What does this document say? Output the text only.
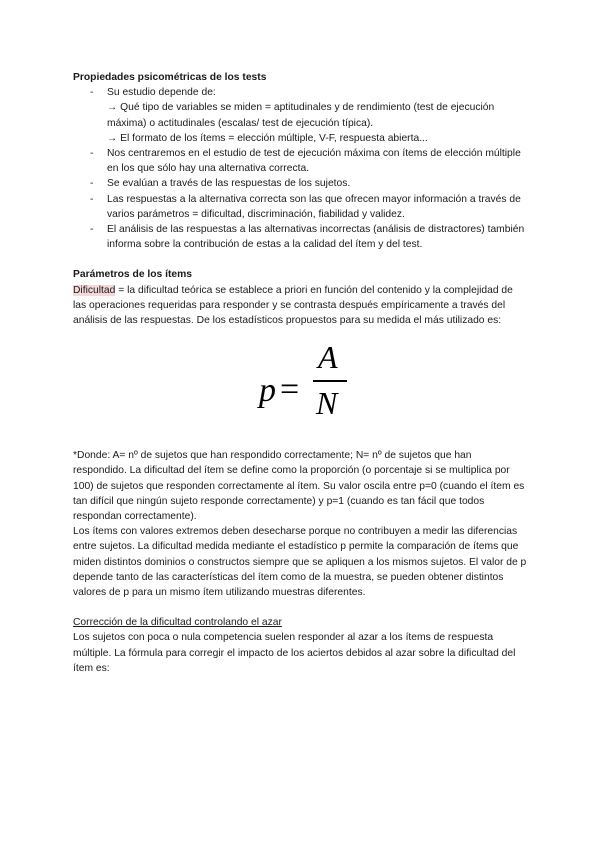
Propiedades psicométricas de los tests

- Su estudio depende de:
→ Qué tipo de variables se miden = aptitudinales y de rendimiento (test de ejecución máxima) o actitudinales (escalas/ test de ejecución típica).
→ El formato de los ítems = elección múltiple, V-F, respuesta abierta...
- Nos centraremos en el estudio de test de ejecución máxima con ítems de elección múltiple en los que sólo hay una alternativa correcta.
- Se evalúan a través de las respuestas de los sujetos.
- Las respuestas a la alternativa correcta son las que ofrecen mayor información a través de varios parámetros = dificultad, discriminación, fiabilidad y validez.
- El análisis de las respuestas a las alternativas incorrectas (análisis de distractores) también informa sobre la contribución de estas a la calidad del ítem y del test.

Parámetros de los ítems

Dificultad = la dificultad teórica se establece a priori en función del contenido y la complejidad de las operaciones requeridas para responder y se contrasta después empíricamente a través del análisis de las respuestas. De los estadísticos propuestos para su medida el más utilizado es:

p =
A
N

*Donde: A= nº de sujetos que han respondido correctamente; N= nº de sujetos que han respondido. La dificultad del ítem se define como la proporción (o porcentaje si se multiplica por 100) de sujetos que responden correctamente al ítem. Su valor oscila entre p=0 (cuando el ítem es tan difícil que ningún sujeto responde correctamente) y p=1 (cuando es tan fácil que todos respondan correctamente).

Los ítems con valores extremos deben desecharse porque no contribuyen a medir las diferencias entre sujetos. La dificultad medida mediante el estadístico p permite la comparación de ítems que miden distintos dominios o constructos siempre que se apliquen a los mismos sujetos. El valor de p depende tanto de las características del ítem como de la muestra, se pueden obtener distintos valores de p para un mismo ítem utilizando muestras diferentes.

Corrección de la dificultad controlando el azar

Los sujetos con poca o nula competencia suelen responder al azar a los ítems de respuesta múltiple. La fórmula para corregir el impacto de los aciertos debidos al azar sobre la dificultad del ítem es:
